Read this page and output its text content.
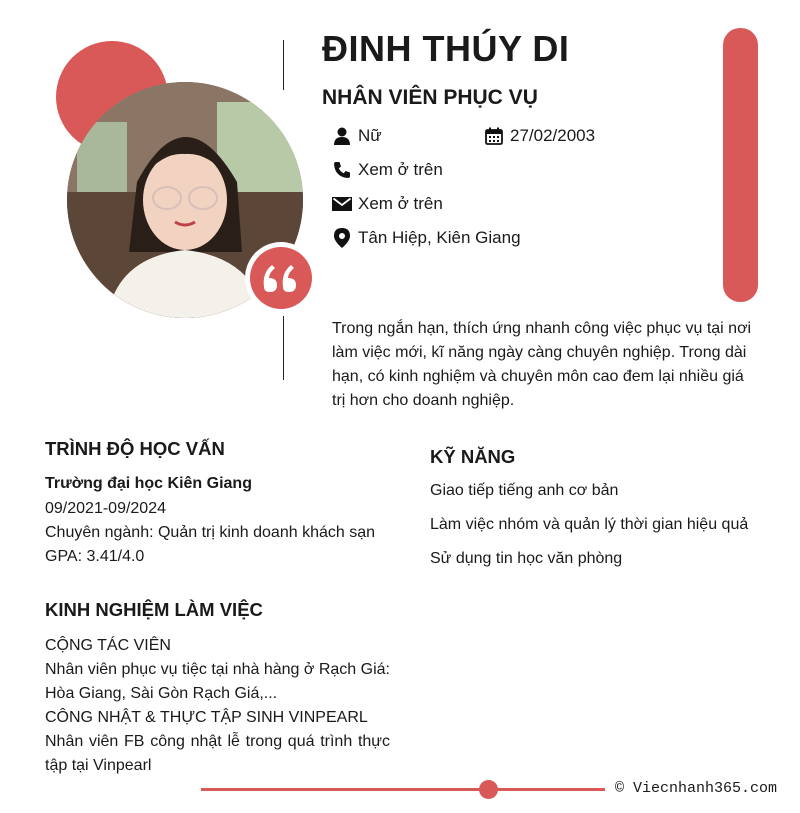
ĐINH THÚY DI
NHÂN VIÊN PHỤC VỤ
Nữ	27/02/2003
Xem ở trên
Xem ở trên
Tân Hiệp, Kiên Giang
Trong ngắn hạn, thích ứng nhanh công việc phục vụ tại nơi làm việc mới, kĩ năng ngày càng chuyên nghiệp. Trong dài hạn, có kinh nghiệm và chuyên môn cao đem lại nhiều giá trị hơn cho doanh nghiệp.
TRÌNH ĐỘ HỌC VẤN
Trường đại học Kiên Giang
09/2021-09/2024
Chuyên ngành: Quản trị kinh doanh khách sạn
GPA: 3.41/4.0
KINH NGHIỆM LÀM VIỆC
CỘNG TÁC VIÊN
Nhân viên phục vụ tiệc tại nhà hàng ở Rạch Giá: Hòa Giang, Sài Gòn Rạch Giá,...
CÔNG NHẬT & THỰC TẬP SINH VINPEARL
Nhân viên FB công nhật lễ trong quá trình thực tập tại Vinpearl
KỸ NĂNG
Giao tiếp tiếng anh cơ bản
Làm việc nhóm và quản lý thời gian hiệu quả
Sử dụng tin học văn phòng
© Viecnhanh365.com
